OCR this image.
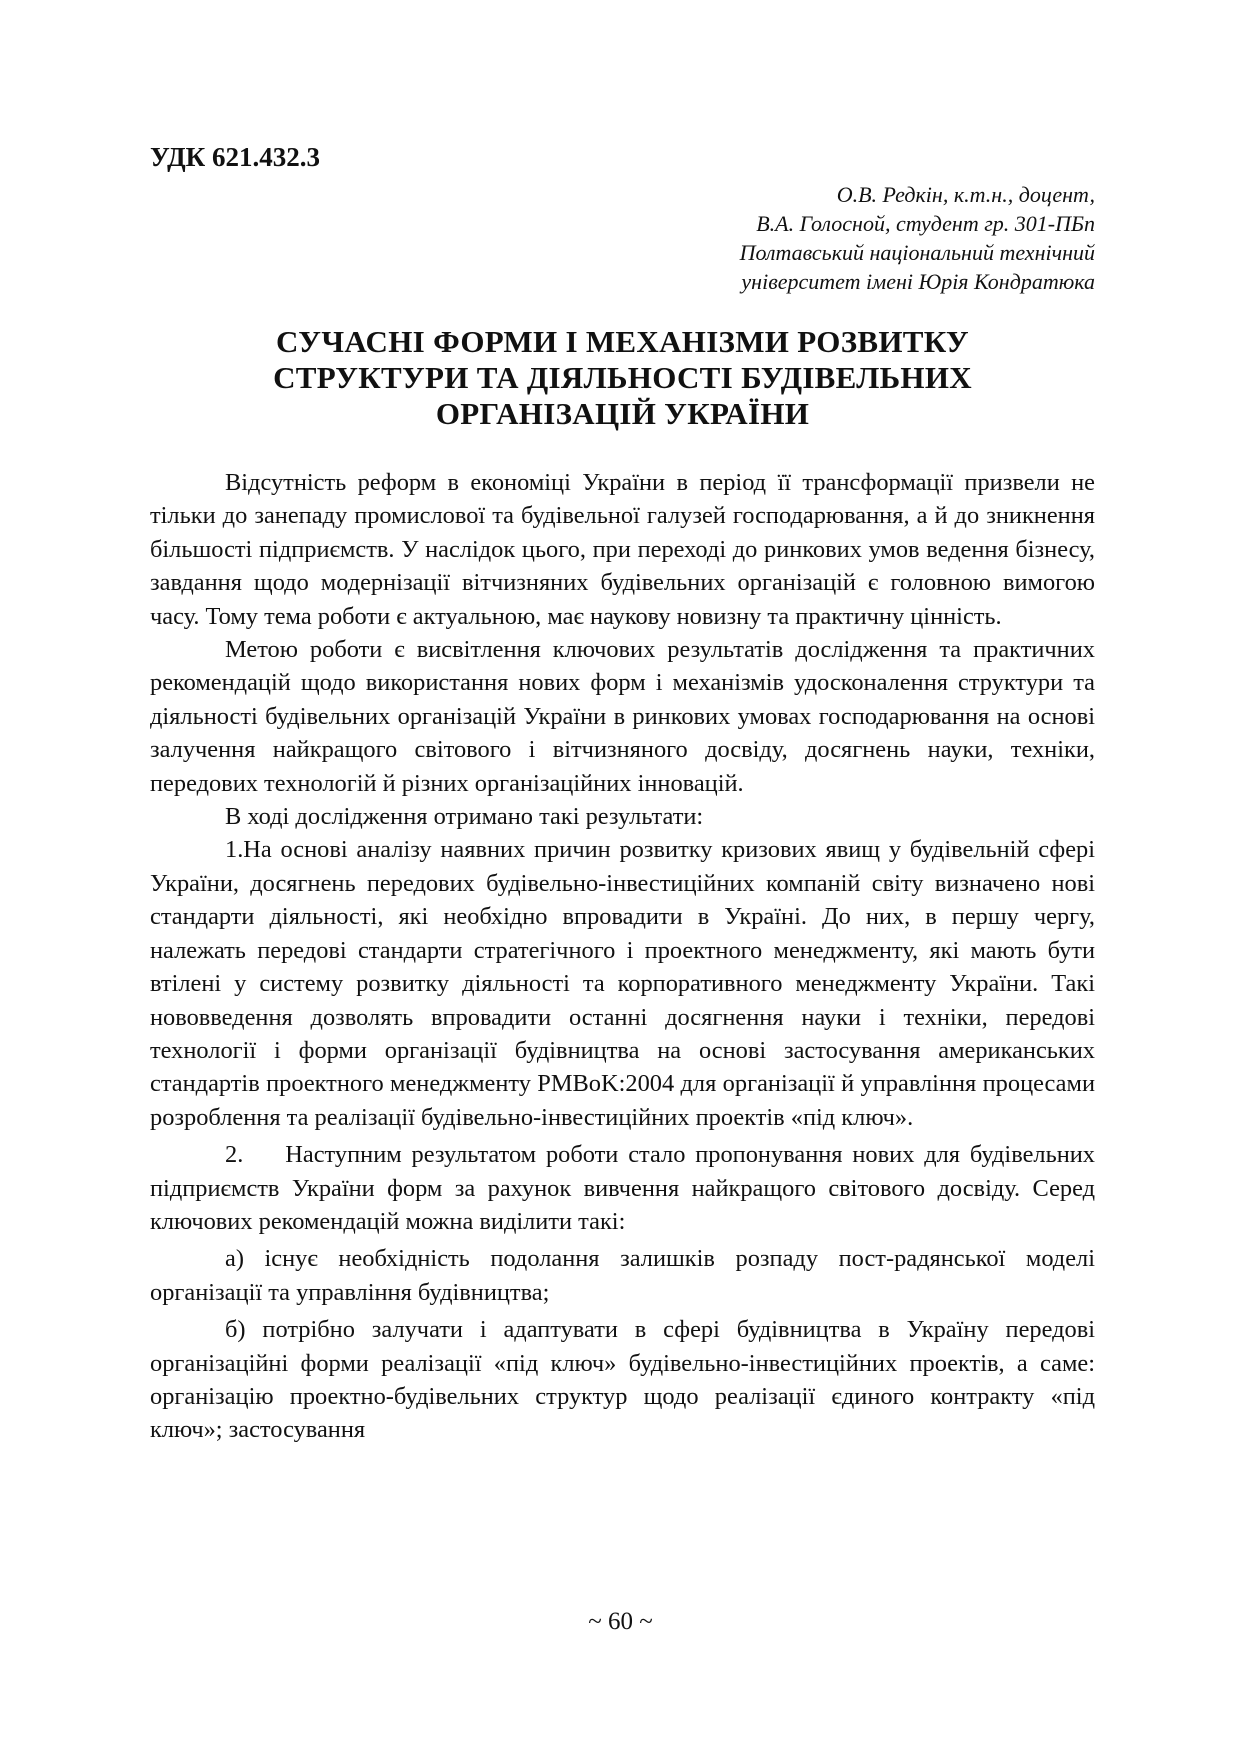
УДК 621.432.3
О.В. Редкін, к.т.н., доцент,
В.А. Голосной, студент гр. 301-ПБп
Полтавський національний технічний
університет імені Юрія Кондратюка
СУЧАСНІ ФОРМИ І МЕХАНІЗМИ РОЗВИТКУ
СТРУКТУРИ ТА ДІЯЛЬНОСТІ БУДІВЕЛЬНИХ
ОРГАНІЗАЦІЙ УКРАЇНИ

Відсутність реформ в економіці України в період її трансформації призвели не тільки до занепаду промислової та будівельної галузей господарювання, а й до зникнення більшості підприємств. У наслідок цього, при переході до ринкових умов ведення бізнесу, завдання щодо модернізації вітчизняних будівельних організацій є головною вимогою часу. Тому тема роботи є актуальною, має наукову новизну та практичну цінність.

Метою роботи є висвітлення ключових результатів дослідження та практичних рекомендацій щодо використання нових форм і механізмів удосконалення структури та діяльності будівельних організацій України в ринкових умовах господарювання на основі залучення найкращого світового і вітчизняного досвіду, досягнень науки, техніки, передових технологій й різних організаційних інновацій.

В ході дослідження отримано такі результати:

1.На основі аналізу наявних причин розвитку кризових явищ у будівельній сфері України, досягнень передових будівельно-інвестиційних компаній світу визначено нові стандарти діяльності, які необхідно впровадити в Україні. До них, в першу чергу, належать передові стандарти стратегічного і проектного менеджменту, які мають бути втілені у систему розвитку діяльності та корпоративного менеджменту України. Такі нововведення дозволять впровадити останні досягнення науки і техніки, передові технології і форми організації будівництва на основі застосування американських стандартів проектного менеджменту PMBoK:2004 для організації й управління процесами розроблення та реалізації будівельно-інвестиційних проектів «під ключ».

2. Наступним результатом роботи стало пропонування нових для будівельних підприємств України форм за рахунок вивчення найкращого світового досвіду. Серед ключових рекомендацій можна виділити такі:

а) існує необхідність подолання залишків розпаду пост-радянської моделі організації та управління будівництва;

б) потрібно залучати і адаптувати в сфері будівництва в Україну передові організаційні форми реалізації «під ключ» будівельно-інвестиційних проектів, а саме: організацію проектно-будівельних структур щодо реалізації єдиного контракту «під ключ»; застосування

~ 60 ~
